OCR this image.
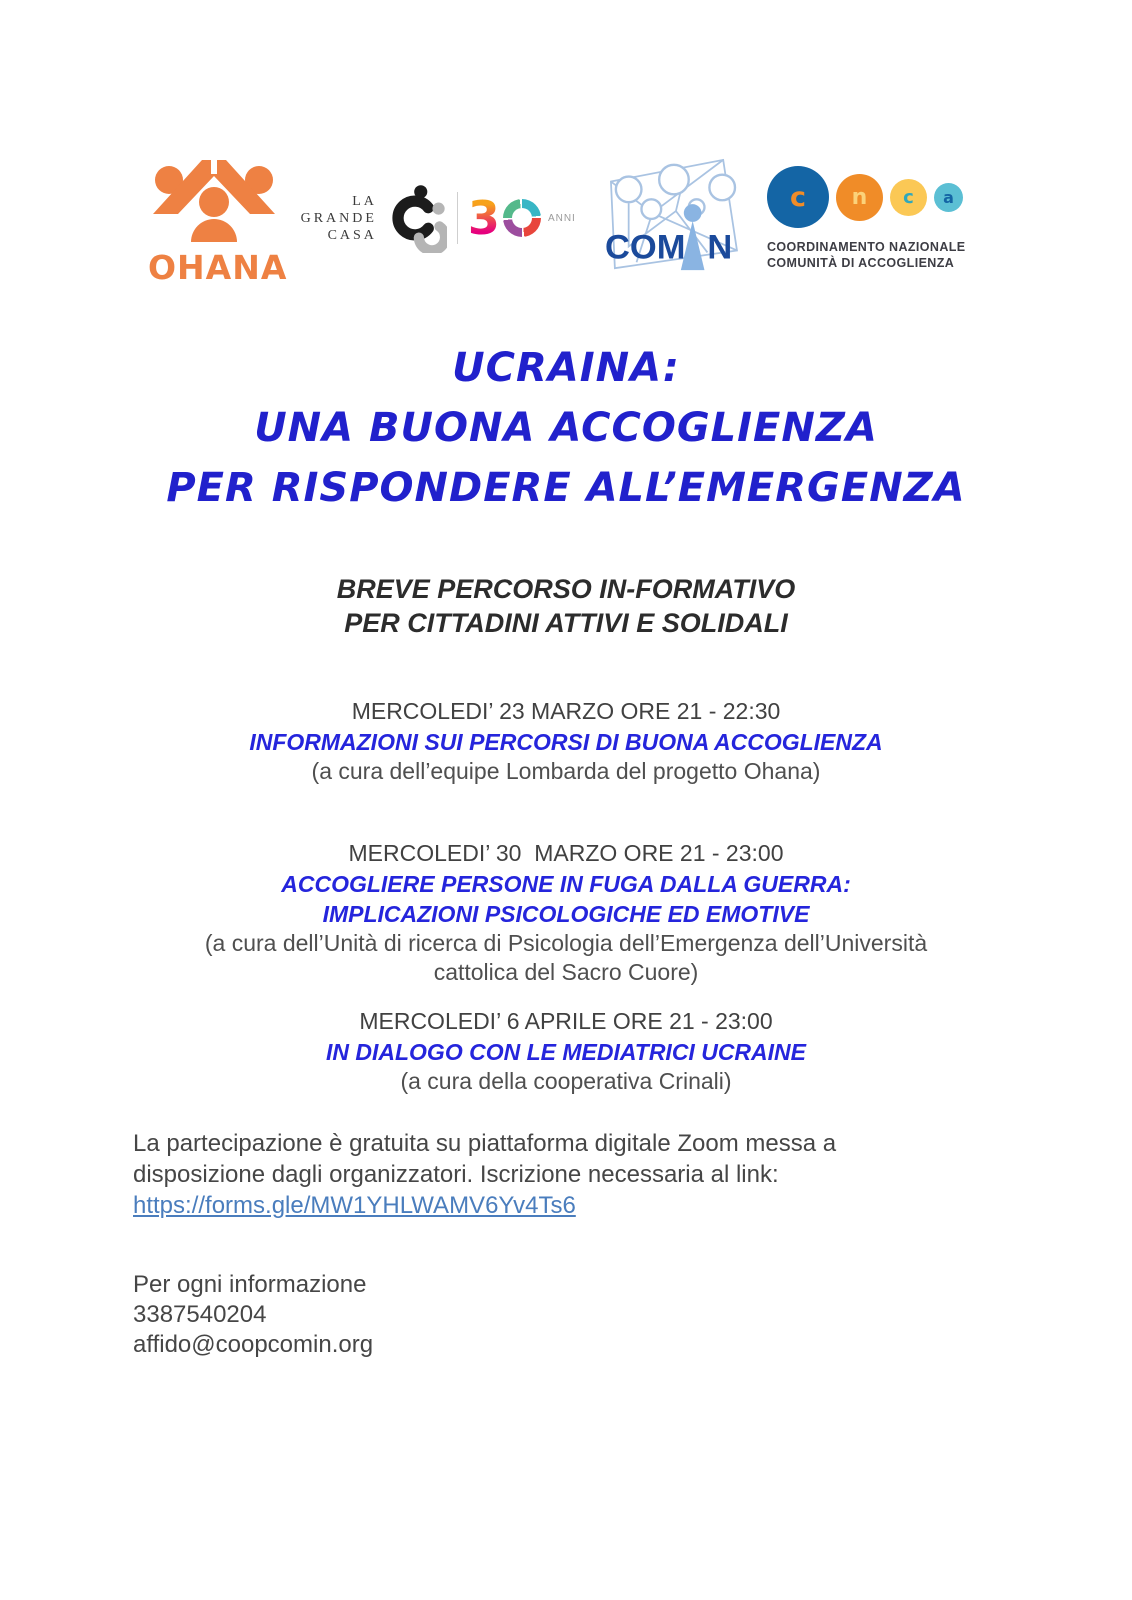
OHANA
LA
GRANDE
CASA 3	ANNI
COM N
c n c a
COORDINAMENTO NAZIONALE
COMUNITÀ DI ACCOGLIENZA
UCRAINA:
UNA BUONA ACCOGLIENZA
PER RISPONDERE ALL’EMERGENZA
BREVE PERCORSO IN-FORMATIVO
PER CITTADINI ATTIVI E SOLIDALI
MERCOLEDI’ 23 MARZO ORE 21 - 22:30
INFORMAZIONI SUI PERCORSI DI BUONA ACCOGLIENZA
(a cura dell’equipe Lombarda del progetto Ohana)
MERCOLEDI’ 30  MARZO ORE 21 - 23:00
ACCOGLIERE PERSONE IN FUGA DALLA GUERRA:
IMPLICAZIONI PSICOLOGICHE ED EMOTIVE
(a cura dell’Unità di ricerca di Psicologia dell’Emergenza dell’Università
cattolica del Sacro Cuore)
MERCOLEDI’ 6 APRILE ORE 21 - 23:00
IN DIALOGO CON LE MEDIATRICI UCRAINE
(a cura della cooperativa Crinali)
La partecipazione è gratuita su piattaforma digitale Zoom messa a
disposizione dagli organizzatori. Iscrizione necessaria al link:
https://forms.gle/MW1YHLWAMV6Yv4Ts6
Per ogni informazione
3387540204
affido@coopcomin.org
